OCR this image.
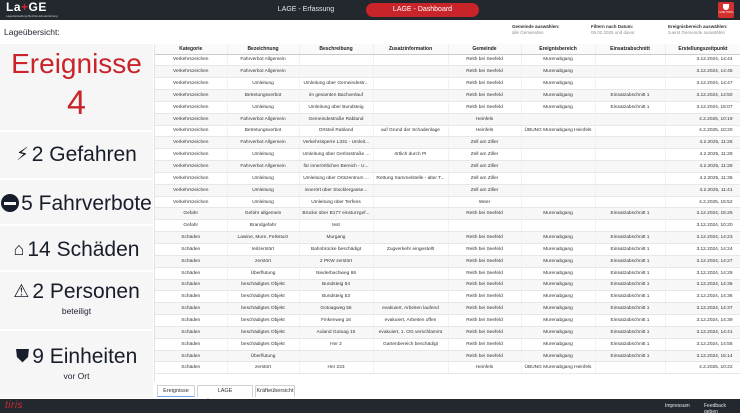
La+GE
Lagedarstellung Bezirks-Einsatzleitung
LAGE - Erfassung	LAGE - Dashboard	LAND TIROL
Lageübersicht:
Gemeinde auswählen:
alle Gemeinden
Filtern nach Datum:
06.02.2025 und davor
Ereignisbereich auswählen:
zuerst Gemeinde auswählen
Ereignisse
4
⚡ 2 Gefahren
5 Fahrverbote
⌂ 14 Schäden
⚠ 2 Personen
beteiligt
⛊ 9 Einheiten
vor Ort
Kategorie	Bezeichnung	Beschreibung	Zusatzinformation	Gemeinde	Ereignisbereich	Einsatzabschnitt	Erstellungszeitpunkt
Verkehrszeichen	Fahrverbot Allgemein			Reith bei Seefeld	Murenabgang		3.12.2024, 14:44
Verkehrszeichen	Fahrverbot Allgemein			Reith bei Seefeld	Murenabgang		3.12.2024, 14:45
Verkehrszeichen	Umleitung	Umleitung über Gemeindestr...		Reith bei Seefeld	Murenabgang		3.12.2024, 14:47
Verkehrszeichen	Betretungsverbot	im gesamten Bachverlauf		Reith bei Seefeld	Murenabgang	Einsatzabschnitt 1	3.12.2024, 14:50
Verkehrszeichen	Umleitung	Umleitung über Bundsteig		Reith bei Seefeld	Murenabgang	Einsatzabschnitt 1	3.12.2024, 15:07
Verkehrszeichen	Fahrverbot Allgemein	Gemeindestraße Rabland		Heinfels			4.2.2025, 10:19
Verkehrszeichen	Betretungsverbot	Ortsteil Rabland	auf Grund der Schadenlage	Heinfels	ÜBUNG Murenabgang Heinfels		4.2.2025, 10:20
Verkehrszeichen	Fahrverbot Allgemein	Verkehrssperre L331 - Umleit...		Zell am Ziller			4.2.2025, 11:26
Verkehrszeichen	Umleitung	Umleitung über Gerlosstraße ...	örtlich durch PI	Zell am Ziller			4.2.2025, 11:28
Verkehrszeichen	Fahrverbot Allgemein	für innerörtlichen Bereich - U...		Zell am Ziller			4.2.2025, 11:28
Verkehrszeichen	Umleitung	Umleitung über Ortszentrum ...	Rettung Sammelstelle - alter T...	Zell am Ziller			4.2.2025, 11:35
Verkehrszeichen	Umleitung	innerört über Stocklergasse...		Zell am Ziller			4.2.2025, 11:41
Verkehrszeichen	Umleitung	Umleitung über Terfens		Weer			4.2.2025, 15:52
Gefahr	Gefahr allgemein	Brücke über B177 einsturzgef...		Reith bei Seefeld	Murenabgang	Einsatzabschnitt 1	3.12.2024, 15:26
Gefahr	Brandgefahr	test					3.12.2024, 10:20
Schäden	Lawine, Mure, Felssturz	Murgang		Reith bei Seefeld	Murenabgang	Einsatzabschnitt 1	3.12.2024, 14:23
Schäden	teilzerstört	Bahnbrücke beschädigt	Zugverkehr eingestellt	Reith bei Seefeld	Murenabgang	Einsatzabschnitt 1	3.12.2024, 14:24
Schäden	zerstört	2 PKW zerstört		Reith bei Seefeld	Murenabgang	Einsatzabschnitt 1	3.12.2024, 14:27
Schäden	Überflutung	Niederbachweg 86		Reith bei Seefeld	Murenabgang	Einsatzabschnitt 1	3.12.2024, 14:29
Schäden	beschädigtes Objekt	Bundsteig 54		Reith bei Seefeld	Murenabgang	Einsatzabschnitt 1	3.12.2024, 14:36
Schäden	beschädigtes Objekt	Bundsteig 53		Reith bei Seefeld	Murenabgang	Einsatzabschnitt 1	3.12.2024, 14:36
Schäden	beschädigtes Objekt	Gotoagweg 55	evakuiert, Arbeiten laufend	Reith bei Seefeld	Murenabgang	Einsatzabschnitt 1	3.12.2024, 14:37
Schäden	beschädigtes Objekt	Finkenweg 16	evakuiert, Arbeiten offen	Reith bei Seefeld	Murenabgang	Einsatzabschnitt 1	3.12.2024, 14:39
Schäden	beschädigtes Objekt	Auland Gotoag 15	evakuiert, 1. OG verschlammt	Reith bei Seefeld	Murenabgang	Einsatzabschnitt 1	3.12.2024, 14:41
Schäden	beschädigtes Objekt	Hnr 2	Gartenbereich beschädigt	Reith bei Seefeld	Murenabgang	Einsatzabschnitt 1	3.12.2024, 14:55
Schäden	Überflutung			Reith bei Seefeld	Murenabgang	Einsatzabschnitt 1	3.12.2024, 15:14
Schäden	zerstört	Hnr 233		Heinfels	ÜBUNG Murenabgang Heinfels		4.2.2025, 10:22
Ereignisse	LAGE	Kräfteübersicht
tiris	Impressum	Feedback geben
